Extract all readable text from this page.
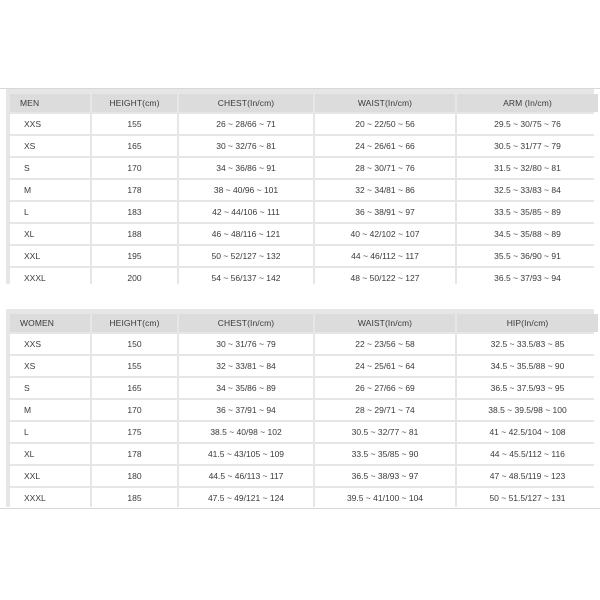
MEN	HEIGHT(cm)	CHEST(In/cm)	WAIST(In/cm)	ARM (In/cm)
XXS	155	26 ~ 28/66 ~ 71	20 ~ 22/50 ~ 56	29.5 ~ 30/75 ~ 76
XS	165	30 ~ 32/76 ~ 81	24 ~ 26/61 ~ 66	30.5 ~ 31/77 ~ 79
S	170	34 ~ 36/86 ~ 91	28 ~ 30/71 ~ 76	31.5 ~ 32/80 ~ 81
M	178	38 ~ 40/96 ~ 101	32 ~ 34/81 ~ 86	32.5 ~ 33/83 ~ 84
L	183	42 ~ 44/106 ~ 111	36 ~ 38/91 ~ 97	33.5 ~ 35/85 ~ 89
XL	188	46 ~ 48/116 ~ 121	40 ~ 42/102 ~ 107	34.5 ~ 35/88 ~ 89
XXL	195	50 ~ 52/127 ~ 132	44 ~ 46/112 ~ 117	35.5 ~ 36/90 ~ 91
XXXL	200	54 ~ 56/137 ~ 142	48 ~ 50/122 ~ 127	36.5 ~ 37/93 ~ 94
WOMEN	HEIGHT(cm)	CHEST(In/cm)	WAIST(In/cm)	HIP(In/cm)
XXS	150	30 ~ 31/76 ~ 79	22 ~ 23/56 ~ 58	32.5 ~ 33.5/83 ~ 85
XS	155	32 ~ 33/81 ~ 84	24 ~ 25/61 ~ 64	34.5 ~ 35.5/88 ~ 90
S	165	34 ~ 35/86 ~ 89	26 ~ 27/66 ~ 69	36.5 ~ 37.5/93 ~ 95
M	170	36 ~ 37/91 ~ 94	28 ~ 29/71 ~ 74	38.5 ~ 39.5/98 ~ 100
L	175	38.5 ~ 40/98 ~ 102	30.5 ~ 32/77 ~ 81	41 ~ 42.5/104 ~ 108
XL	178	41.5 ~ 43/105 ~ 109	33.5 ~ 35/85 ~ 90	44 ~ 45.5/112 ~ 116
XXL	180	44.5 ~ 46/113 ~ 117	36.5 ~ 38/93 ~ 97	47 ~ 48.5/119 ~ 123
XXXL	185	47.5 ~ 49/121 ~ 124	39.5 ~ 41/100 ~ 104	50 ~ 51.5/127 ~ 131
